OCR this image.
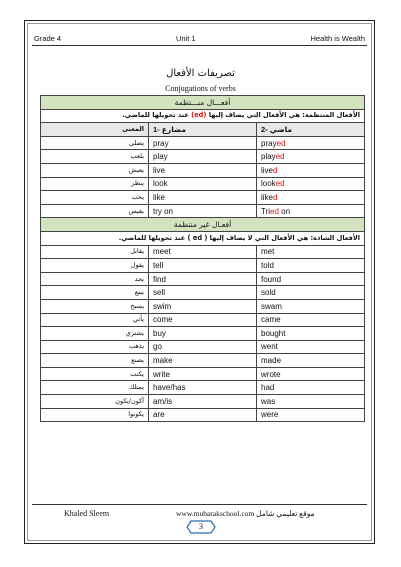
Grade 4	Unit 1	Health is Wealth
تصريفات الأفعال
Conjugations of verbs
أفعـــال منـــتظمة		
الأفعال المنتظمة: هي الأفعال التي يضاف إليها (ed) عند تحويلها للماضي.		
المعنى	1- مضارع	2- ماضي
يصلي	pray	prayed
يلعب	play	played
يعيش	live	lived
ينظر	look	looked
يحب	like	liked
يقيس	try on	Tried on
أفعـال غير منتظمة		
الأفعال الشاذة: هي الأفعال التي لا يضاف إليها ( ed ) عند تحويلها للماضي.		
يقابل	meet	met
يقول	tell	told
يجد	find	found
يبيع	sell	sold
يسبح	swim	swam
يأتي	come	came
يشتري	buy	bought
يذهب	go	went
يصنع	make	made
يكتب	write	wrote
يمتلك	have/has	had
أكون/يكون	am/is	was
يكونوا	are	were
Khaled Sleem	www.mubarakschool.com موقع تعليمي شامل
3
